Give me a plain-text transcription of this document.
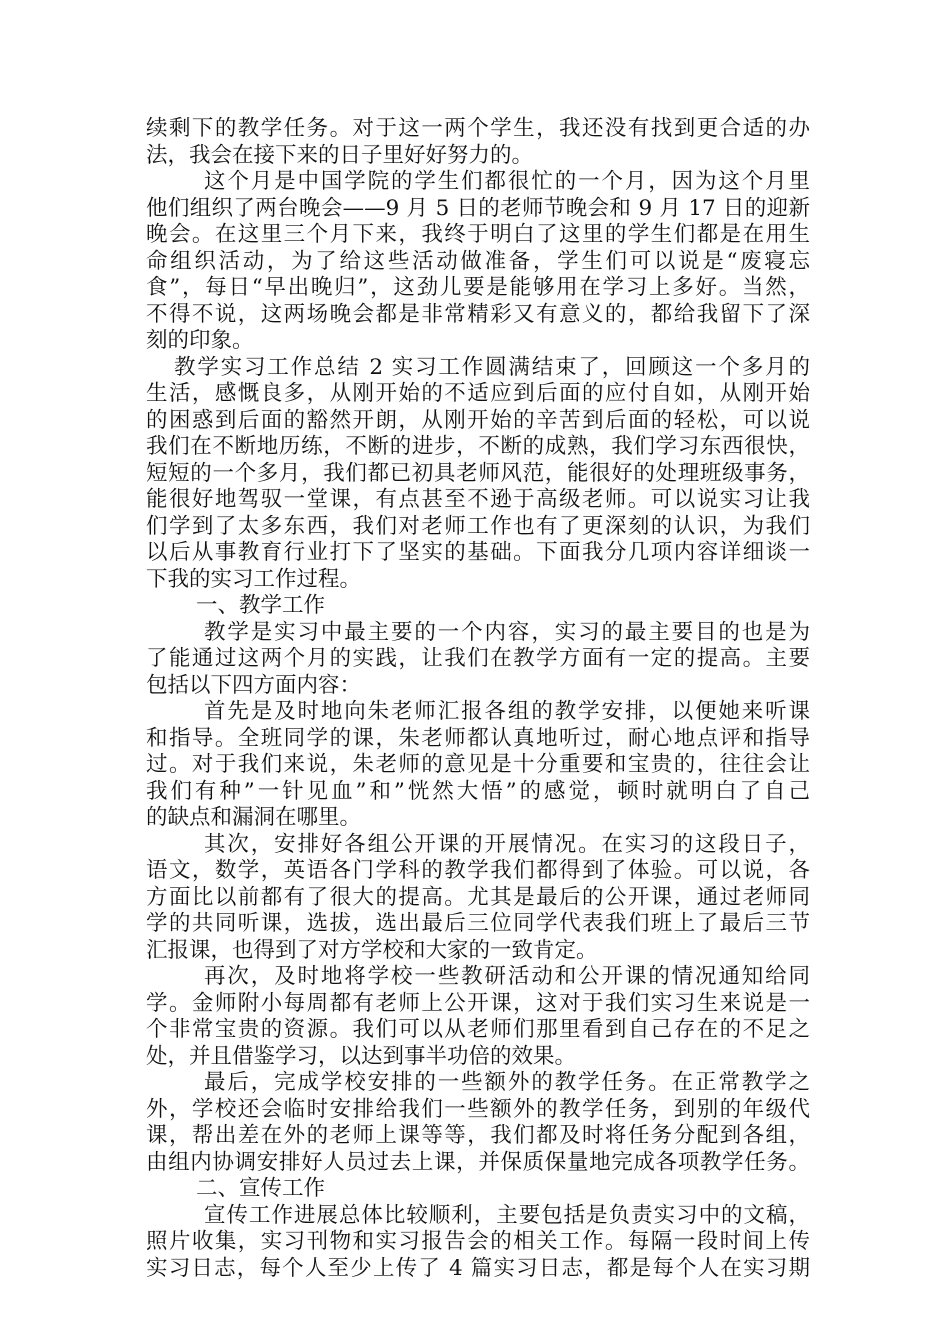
续剩下的教学任务。对于这一两个学生，我还没有找到更合适的办
法，我会在接下来的日子里好好努力的。
这个月是中国学院的学生们都很忙的一个月，因为这个月里
他们组织了两台晚会——9 月 5 日的老师节晚会和 9 月 17 日的迎新
晚会。在这里三个月下来，我终于明白了这里的学生们都是在用生
命组织活动，为了给这些活动做准备，学生们可以说是“废寝忘
食”，每日“早出晚归”，这劲儿要是能够用在学习上多好。当然，
不得不说，这两场晚会都是非常精彩又有意义的，都给我留下了深
刻的印象。
教学实习工作总结 2 实习工作圆满结束了，回顾这一个多月的
生活，感慨良多，从刚开始的不适应到后面的应付自如，从刚开始
的困惑到后面的豁然开朗，从刚开始的辛苦到后面的轻松，可以说
我们在不断地历练，不断的进步，不断的成熟，我们学习东西很快，
短短的一个多月，我们都已初具老师风范，能很好的处理班级事务，
能很好地驾驭一堂课，有点甚至不逊于高级老师。可以说实习让我
们学到了太多东西，我们对老师工作也有了更深刻的认识，为我们
以后从事教育行业打下了坚实的基础。下面我分几项内容详细谈一
下我的实习工作过程。
一、教学工作
教学是实习中最主要的一个内容，实习的最主要目的也是为
了能通过这两个月的实践，让我们在教学方面有一定的提高。主要
包括以下四方面内容：
首先是及时地向朱老师汇报各组的教学安排，以便她来听课
和指导。全班同学的课，朱老师都认真地听过，耐心地点评和指导
过。对于我们来说，朱老师的意见是十分重要和宝贵的，往往会让
我们有种”一针见血”和”恍然大悟”的感觉，顿时就明白了自己
的缺点和漏洞在哪里。
其次，安排好各组公开课的开展情况。在实习的这段日子，
语文，数学，英语各门学科的教学我们都得到了体验。可以说，各
方面比以前都有了很大的提高。尤其是最后的公开课，通过老师同
学的共同听课，选拔，选出最后三位同学代表我们班上了最后三节
汇报课，也得到了对方学校和大家的一致肯定。
再次，及时地将学校一些教研活动和公开课的情况通知给同
学。金师附小每周都有老师上公开课，这对于我们实习生来说是一
个非常宝贵的资源。我们可以从老师们那里看到自己存在的不足之
处，并且借鉴学习，以达到事半功倍的效果。
最后，完成学校安排的一些额外的教学任务。在正常教学之
外，学校还会临时安排给我们一些额外的教学任务，到别的年级代
课，帮出差在外的老师上课等等，我们都及时将任务分配到各组，
由组内协调安排好人员过去上课，并保质保量地完成各项教学任务。
二、宣传工作
宣传工作进展总体比较顺利，主要包括是负责实习中的文稿，
照片收集，实习刊物和实习报告会的相关工作。每隔一段时间上传
实习日志，每个人至少上传了 4 篇实习日志，都是每个人在实习期
